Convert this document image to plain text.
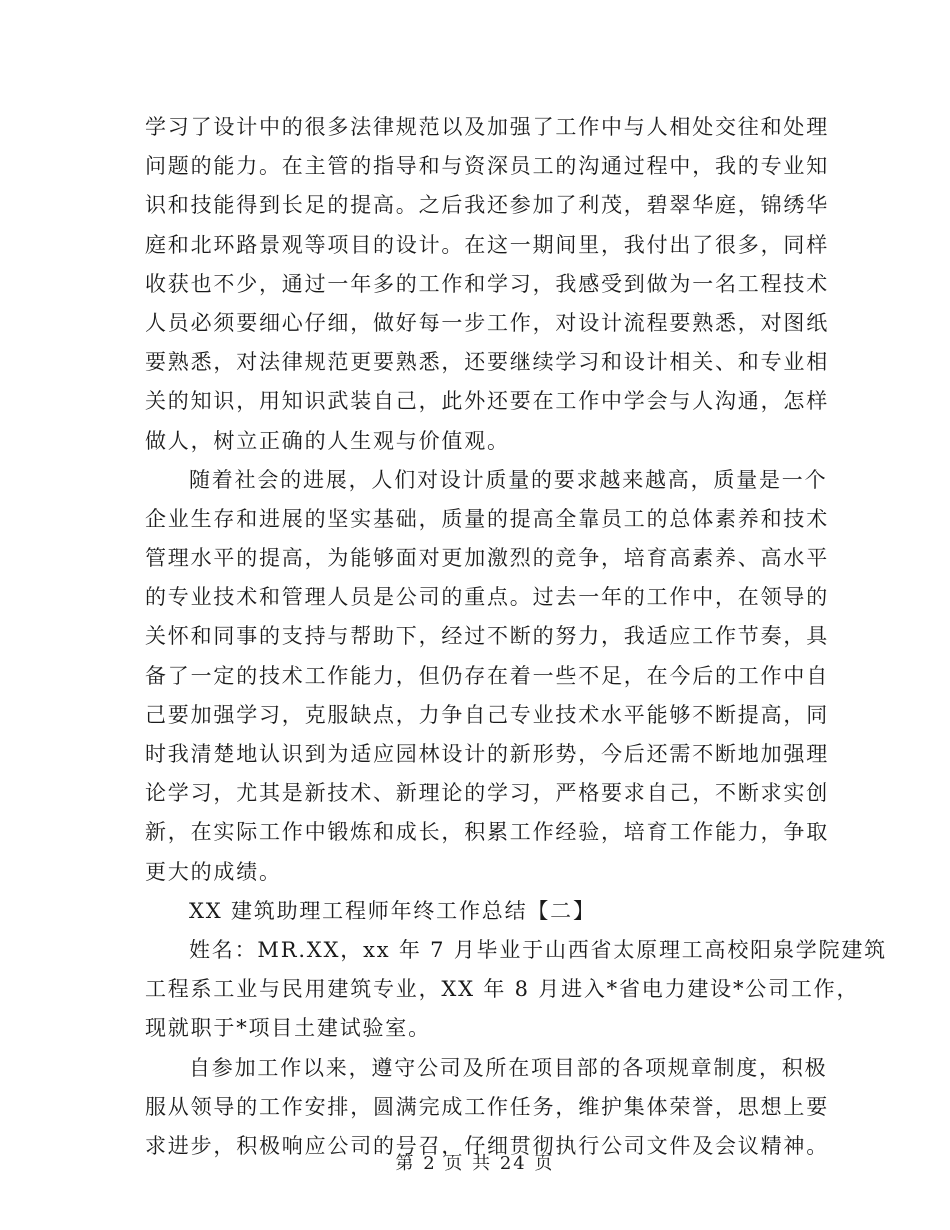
学习了设计中的很多法律规范以及加强了工作中与人相处交往和处理
问题的能力。在主管的指导和与资深员工的沟通过程中，我的专业知
识和技能得到长足的提高。之后我还参加了利茂，碧翠华庭，锦绣华
庭和北环路景观等项目的设计。在这一期间里，我付出了很多，同样
收获也不少，通过一年多的工作和学习，我感受到做为一名工程技术
人员必须要细心仔细，做好每一步工作，对设计流程要熟悉，对图纸
要熟悉，对法律规范更要熟悉，还要继续学习和设计相关、和专业相
关的知识，用知识武装自己，此外还要在工作中学会与人沟通，怎样
做人，树立正确的人生观与价值观。
随着社会的进展，人们对设计质量的要求越来越高，质量是一个
企业生存和进展的坚实基础，质量的提高全靠员工的总体素养和技术
管理水平的提高，为能够面对更加激烈的竞争，培育高素养、高水平
的专业技术和管理人员是公司的重点。过去一年的工作中，在领导的
关怀和同事的支持与帮助下，经过不断的努力，我适应工作节奏，具
备了一定的技术工作能力，但仍存在着一些不足，在今后的工作中自
己要加强学习，克服缺点，力争自己专业技术水平能够不断提高，同
时我清楚地认识到为适应园林设计的新形势，今后还需不断地加强理
论学习，尤其是新技术、新理论的学习，严格要求自己，不断求实创
新，在实际工作中锻炼和成长，积累工作经验，培育工作能力，争取
更大的成绩。
XX 建筑助理工程师年终工作总结【二】
姓名：MR.XX，xx 年 7 月毕业于山西省太原理工高校阳泉学院建筑
工程系工业与民用建筑专业，XX 年 8 月进入*省电力建设*公司工作，
现就职于*项目土建试验室。
自参加工作以来，遵守公司及所在项目部的各项规章制度，积极
服从领导的工作安排，圆满完成工作任务，维护集体荣誉，思想上要
求进步，积极响应公司的号召，仔细贯彻执行公司文件及会议精神。
第 2 页 共 24 页
